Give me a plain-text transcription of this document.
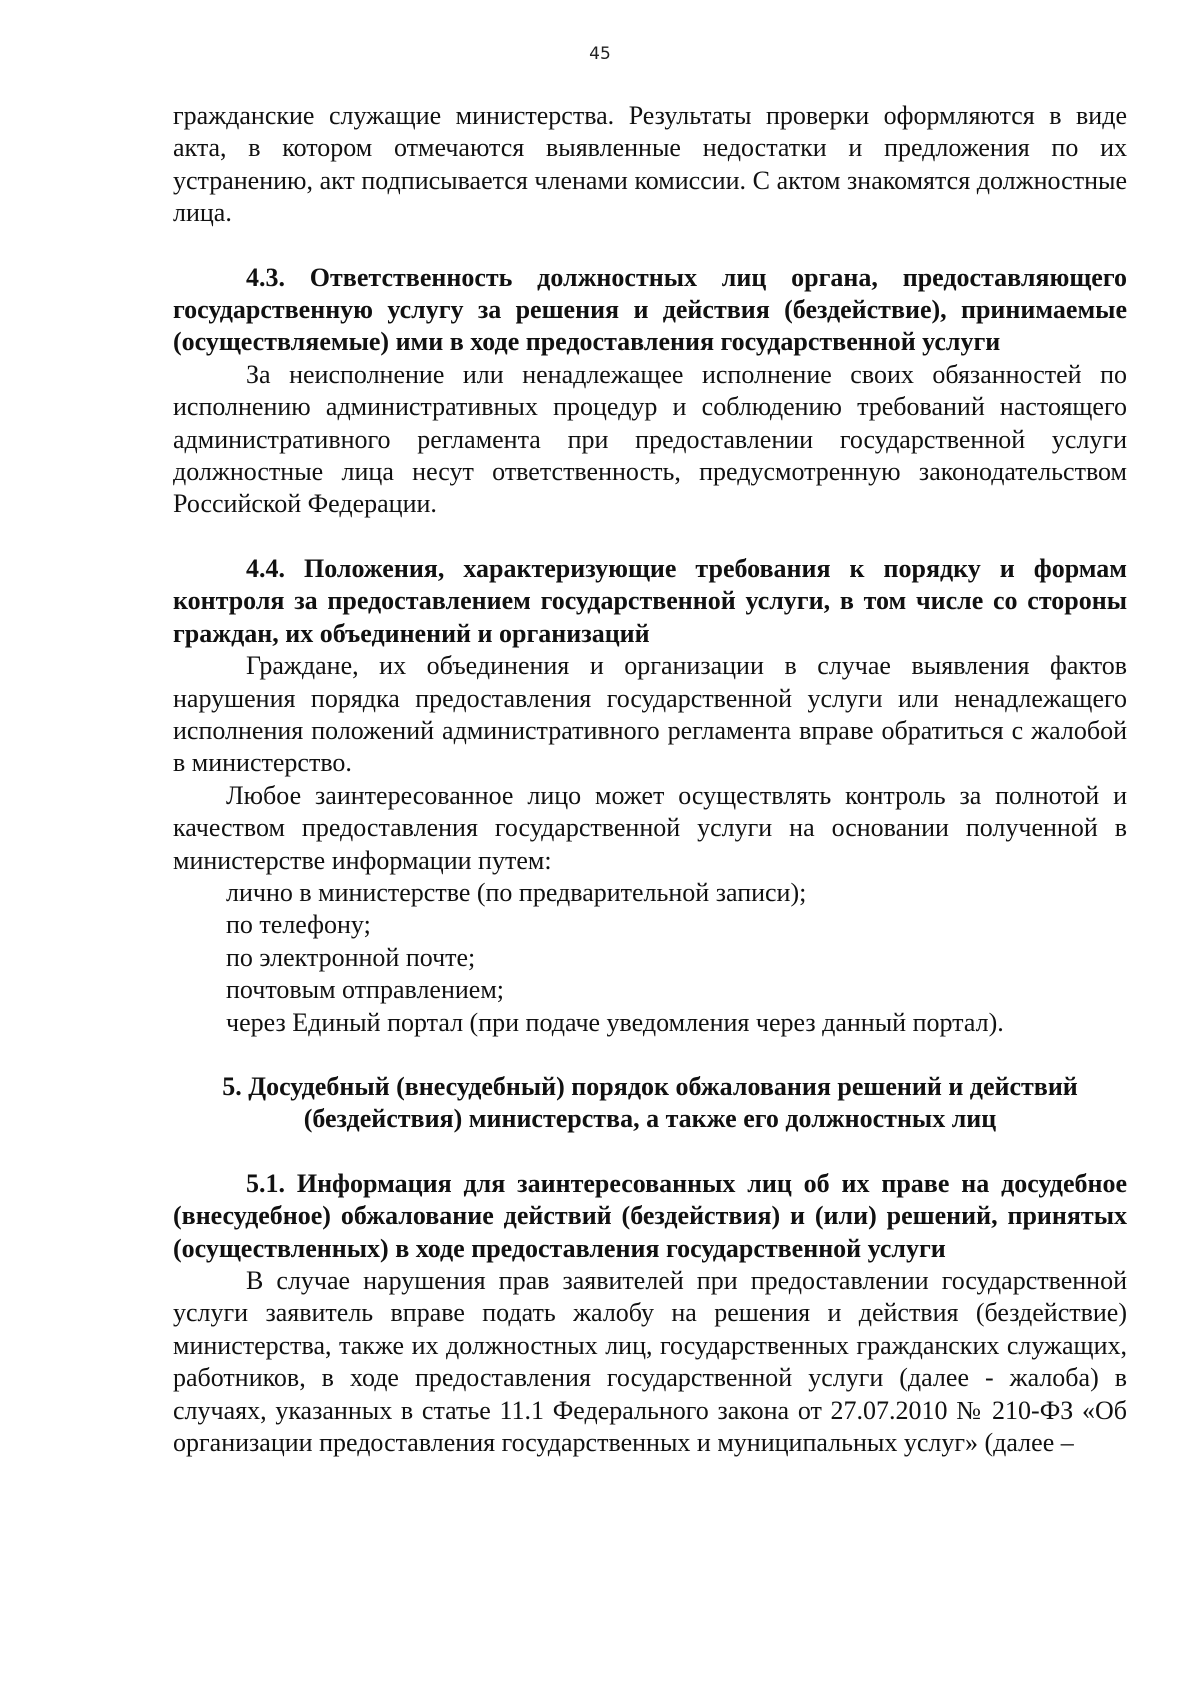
45

гражданские служащие министерства. Результаты проверки оформляются в виде акта, в котором отмечаются выявленные недостатки и предложения по их устранению, акт подписывается членами комиссии. С актом знакомятся должностные лица.

4.3. Ответственность должностных лиц органа, предоставляющего государственную услугу за решения и действия (бездействие), принимаемые (осуществляемые) ими в ходе предоставления государственной услуги

За неисполнение или ненадлежащее исполнение своих обязанностей по исполнению административных процедур и соблюдению требований настоящего административного регламента при предоставлении государственной услуги должностные лица несут ответственность, предусмотренную законодательством Российской Федерации.

4.4. Положения, характеризующие требования к порядку и формам контроля за предоставлением государственной услуги, в том числе со стороны граждан, их объединений и организаций

Граждане, их объединения и организации в случае выявления фактов нарушения порядка предоставления государственной услуги или ненадлежащего исполнения положений административного регламента вправе обратиться с жалобой в министерство.

Любое заинтересованное лицо может осуществлять контроль за полнотой и качеством предоставления государственной услуги на основании полученной в министерстве информации путем:

лично в министерстве (по предварительной записи);

по телефону;

по электронной почте;

почтовым отправлением;

через Единый портал (при подаче уведомления через данный портал).

5. Досудебный (внесудебный) порядок обжалования решений и действий (бездействия) министерства, а также его должностных лиц

5.1. Информация для заинтересованных лиц об их праве на досудебное (внесудебное) обжалование действий (бездействия) и (или) решений, принятых (осуществленных) в ходе предоставления государственной услуги

В случае нарушения прав заявителей при предоставлении государственной услуги заявитель вправе подать жалобу на решения и действия (бездействие) министерства, также их должностных лиц, государственных гражданских служащих, работников, в ходе предоставления государственной услуги (далее - жалоба) в случаях, указанных в статье 11.1 Федерального закона от 27.07.2010 № 210-ФЗ «Об организации предоставления государственных и муниципальных услуг» (далее –
